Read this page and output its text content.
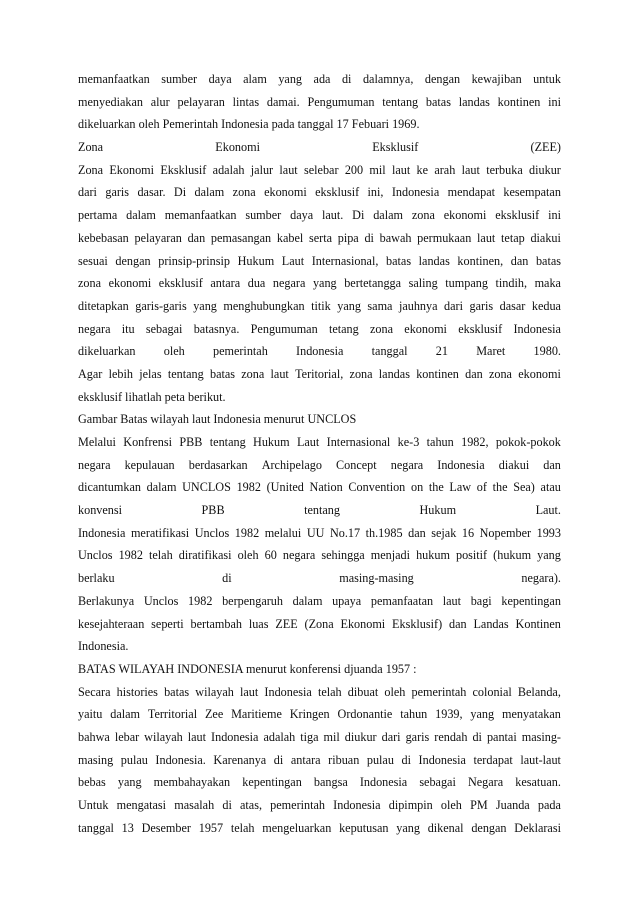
memanfaatkan sumber daya alam yang ada di dalamnya, dengan kewajiban untuk
menyediakan alur pelayaran lintas damai. Pengumuman tentang batas landas kontinen ini
dikeluarkan oleh Pemerintah Indonesia pada tanggal 17 Febuari 1969.
Zona	Ekonomi	Eksklusif	(ZEE)
Zona Ekonomi Eksklusif adalah jalur laut selebar 200 mil laut ke arah laut terbuka diukur
dari garis dasar. Di dalam zona ekonomi eksklusif ini, Indonesia mendapat kesempatan
pertama dalam memanfaatkan sumber daya laut. Di dalam zona ekonomi eksklusif ini
kebebasan pelayaran dan pemasangan kabel serta pipa di bawah permukaan laut tetap diakui
sesuai dengan prinsip-prinsip Hukum Laut Internasional, batas landas kontinen, dan batas
zona ekonomi eksklusif antara dua negara yang bertetangga saling tumpang tindih, maka
ditetapkan garis-garis yang menghubungkan titik yang sama jauhnya dari garis dasar kedua
negara itu sebagai batasnya. Pengumuman tetang zona ekonomi eksklusif Indonesia
dikeluarkan oleh pemerintah Indonesia tanggal 21 Maret 1980.
Agar lebih jelas tentang batas zona laut Teritorial, zona landas kontinen dan zona ekonomi
eksklusif lihatlah peta berikut.
Gambar Batas wilayah laut Indonesia menurut UNCLOS
Melalui Konfrensi PBB tentang Hukum Laut Internasional ke-3 tahun 1982, pokok-pokok
negara kepulauan berdasarkan Archipelago Concept negara Indonesia diakui dan
dicantumkan dalam UNCLOS 1982 (United Nation Convention on the Law of the Sea) atau
konvensi	PBB	tentang	Hukum	Laut.
Indonesia meratifikasi Unclos 1982 melalui UU No.17 th.1985 dan sejak 16 Nopember 1993
Unclos 1982 telah diratifikasi oleh 60 negara sehingga menjadi hukum positif (hukum yang
berlaku	di	masing-masing	negara).
Berlakunya Unclos 1982 berpengaruh dalam upaya pemanfaatan laut bagi kepentingan
kesejahteraan seperti bertambah luas ZEE (Zona Ekonomi Eksklusif) dan Landas Kontinen
Indonesia.
BATAS WILAYAH INDONESIA menurut konferensi djuanda 1957 :
Secara histories batas wilayah laut Indonesia telah dibuat oleh pemerintah colonial Belanda,
yaitu dalam Territorial Zee Maritieme Kringen Ordonantie tahun 1939, yang menyatakan
bahwa lebar wilayah laut Indonesia adalah tiga mil diukur dari garis rendah di pantai masing-
masing pulau Indonesia. Karenanya di antara ribuan pulau di Indonesia terdapat laut-laut
bebas yang membahayakan kepentingan bangsa Indonesia sebagai Negara kesatuan.
Untuk mengatasi masalah di atas, pemerintah Indonesia dipimpin oleh PM Juanda pada
tanggal 13 Desember 1957 telah mengeluarkan keputusan yang dikenal dengan Deklarasi
